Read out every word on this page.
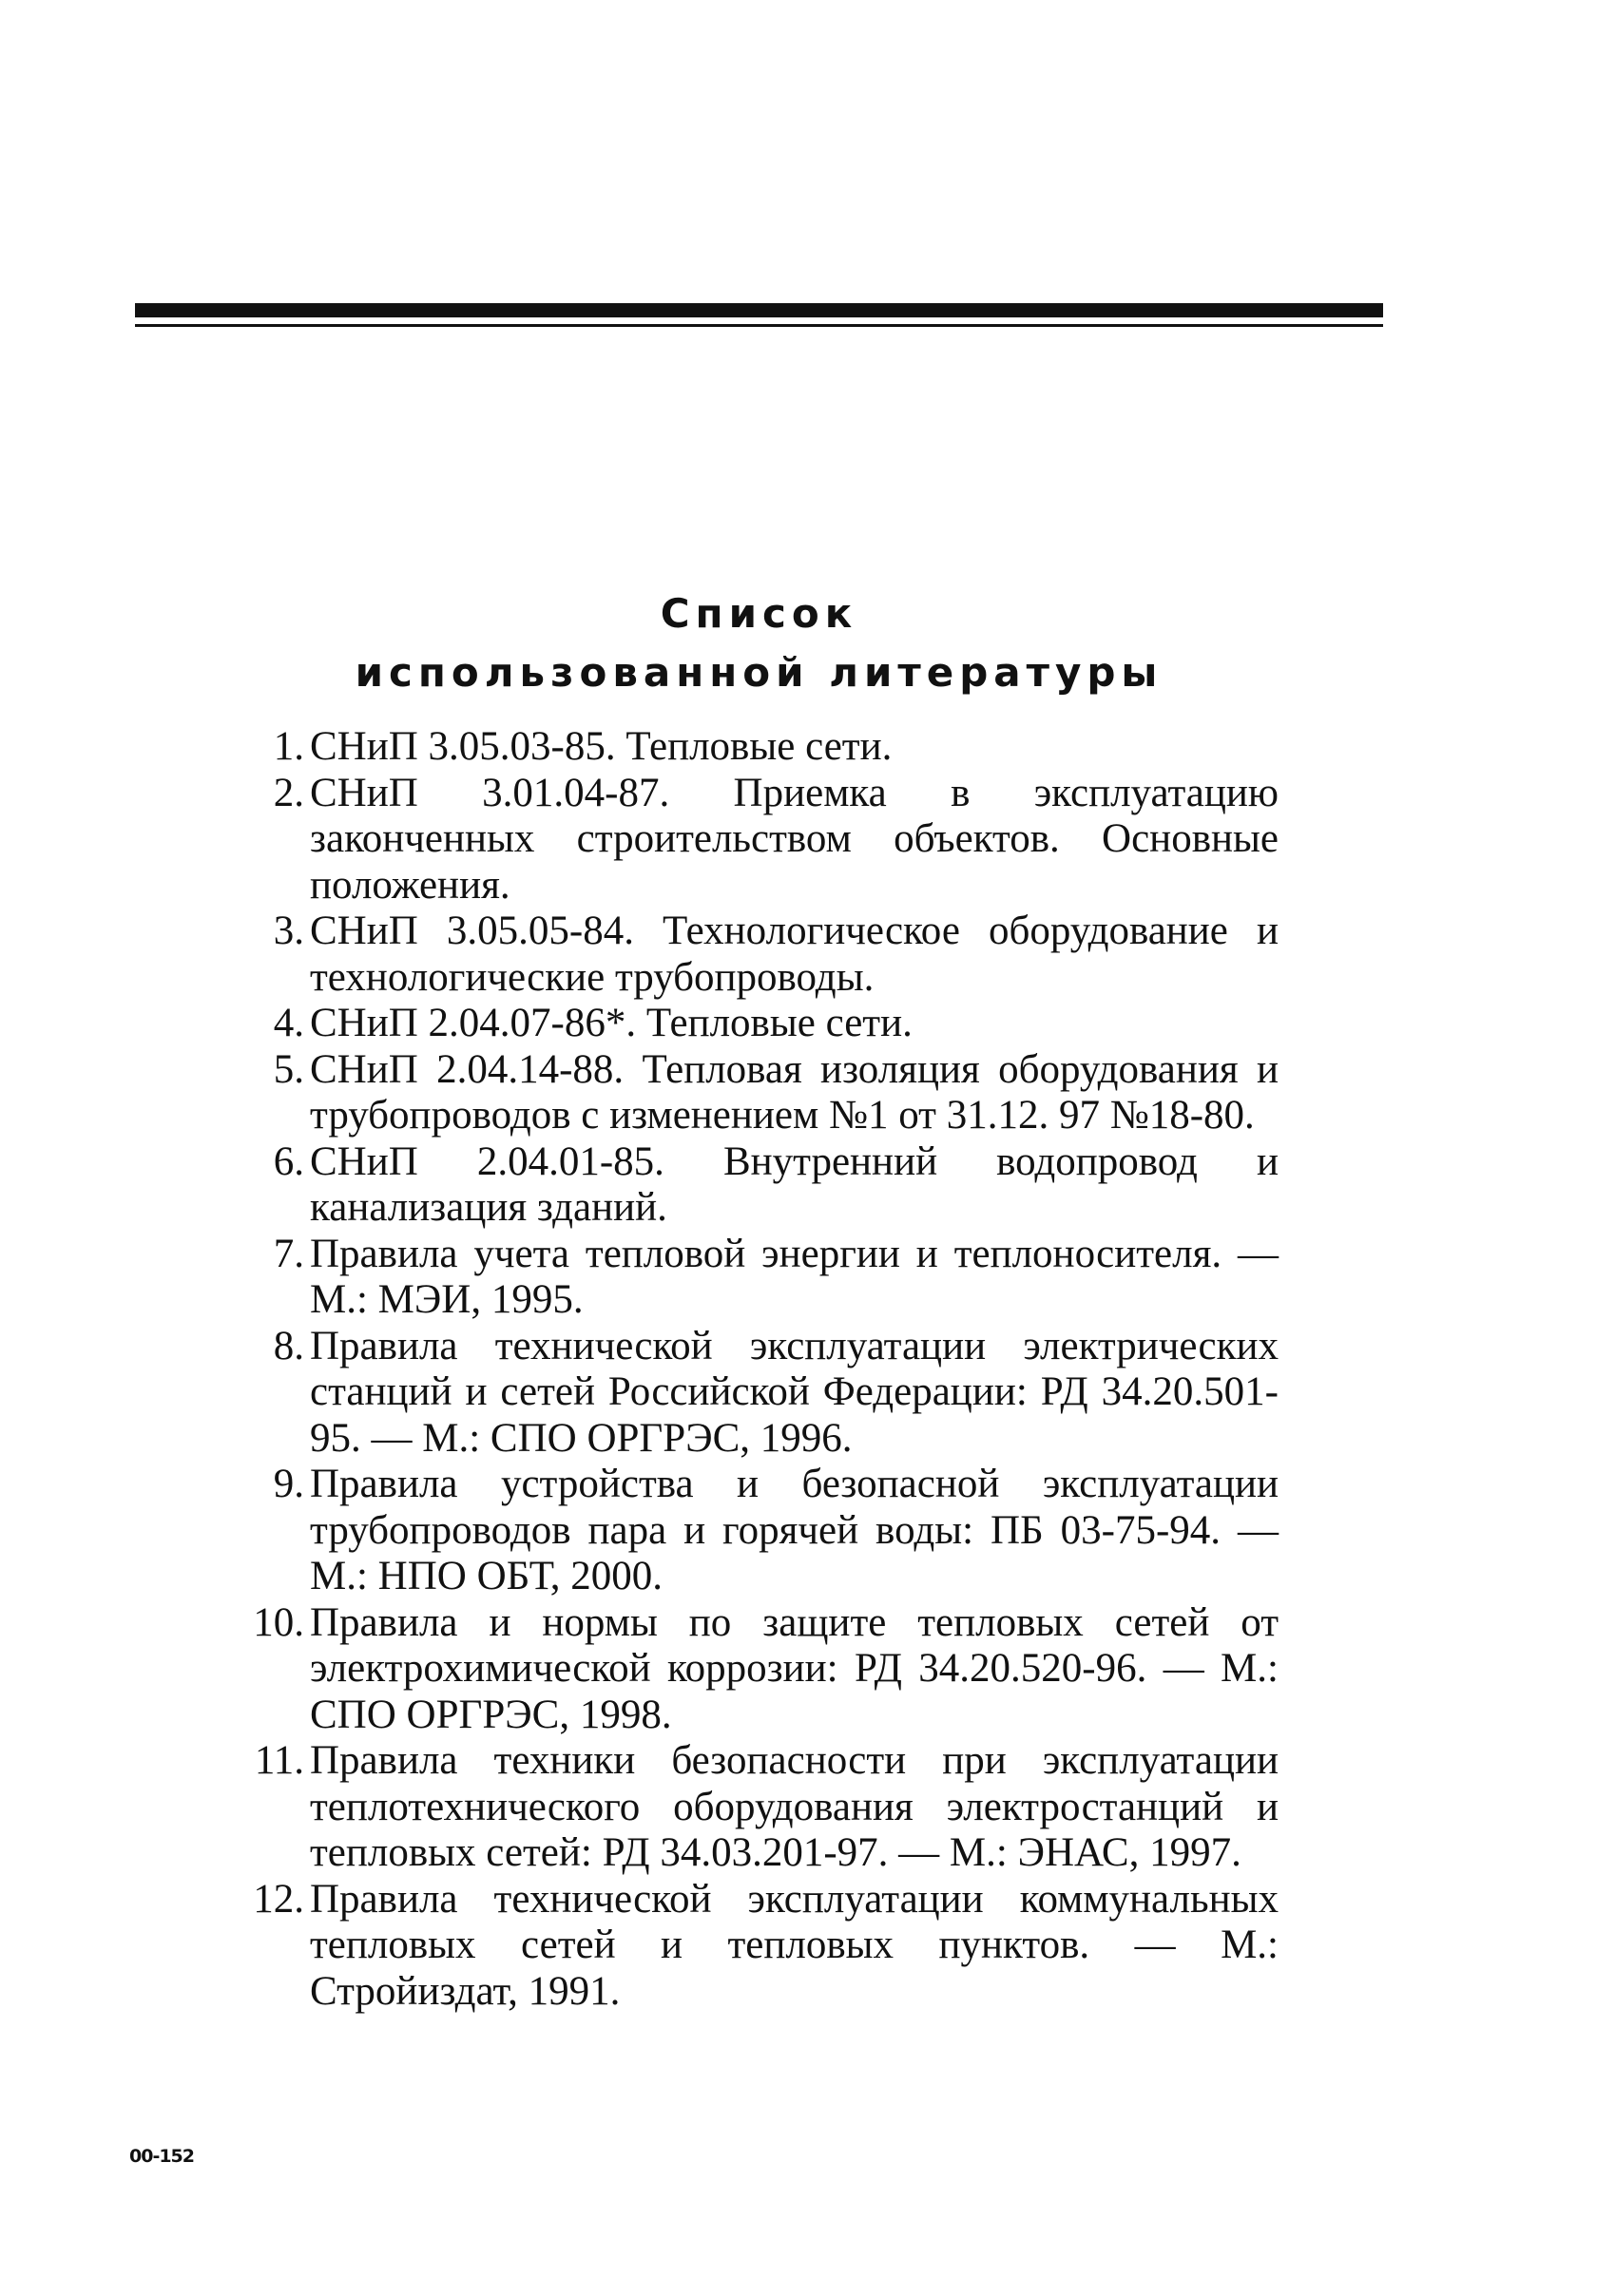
Список
использованной литературы
1. СНиП 3.05.03-85. Тепловые сети.
2. СНиП 3.01.04-87. Приемка в эксплуатацию законченных строительством объектов. Основные положения.
3. СНиП 3.05.05-84. Технологическое оборудование и технологические трубопроводы.
4. СНиП 2.04.07-86*. Тепловые сети.
5. СНиП 2.04.14-88. Тепловая изоляция оборудования и трубопроводов с изменением №1 от 31.12. 97 №18-80.
6. СНиП 2.04.01-85. Внутренний водопровод и канализация зданий.
7. Правила учета тепловой энергии и теплоносителя. — М.: МЭИ, 1995.
8. Правила технической эксплуатации электрических станций и сетей Российской Федерации: РД 34.20.501-95. — М.: СПО ОРГРЭС, 1996.
9. Правила устройства и безопасной эксплуатации трубопроводов пара и горячей воды: ПБ 03-75-94. — М.: НПО ОБТ, 2000.
10. Правила и нормы по защите тепловых сетей от электрохимической коррозии: РД 34.20.520-96. — М.: СПО ОРГРЭС, 1998.
11. Правила техники безопасности при эксплуатации теплотехнического оборудования электростанций и тепловых сетей: РД 34.03.201-97. — М.: ЭНАС, 1997.
12. Правила технической эксплуатации коммунальных тепловых сетей и тепловых пунктов. — М.: Стройиздат, 1991.
00-152
